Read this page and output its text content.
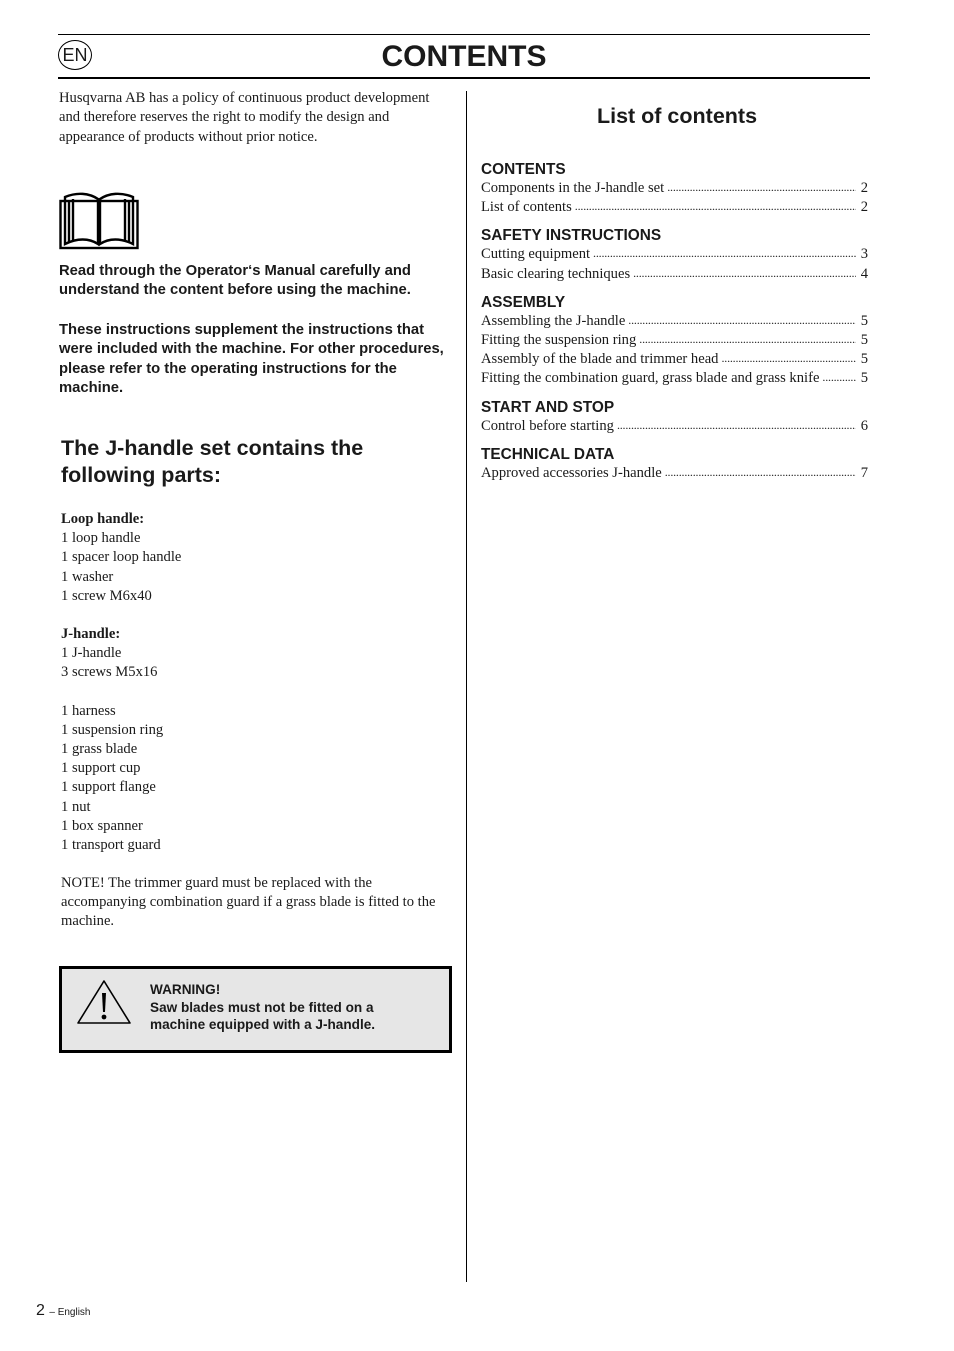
EN	CONTENTS

Husqvarna AB has a policy of continuous product development and therefore reserves the right to modify the design and appearance of products without prior notice.

Read through the Operator‘s Manual carefully and understand the content before using the machine.

These instructions supplement the instructions that were included with the machine. For other procedures, please refer to the operating instructions for the machine.

The J-handle set contains the following parts:
Loop handle:
1 loop handle
1 spacer loop handle
1 washer
1 screw M6x40
J-handle:
1 J-handle
3 screws M5x16
1 harness
1 suspension ring
1 grass blade
1 support cup
1 support flange
1 nut
1 box spanner
1 transport guard

NOTE! The trimmer guard must be replaced with the accompanying combination guard if a grass blade is fitted to the machine.

WARNING!
Saw blades must not be fitted on a
machine equipped with a J-handle.
List of contents
CONTENTS
Components in the J-handle set . . .	2
List of contents . . .	2
SAFETY INSTRUCTIONS
Cutting equipment . . .	3
Basic clearing techniques . . .	4
ASSEMBLY
Assembling the J-handle . . .	5
Fitting the suspension ring . . .	5
Assembly of the blade and trimmer head . . .	5
Fitting the combination guard, grass blade and grass knife . . .	5
START AND STOP
Control before starting . . .	6
TECHNICAL DATA
Approved accessories J-handle . . .	7
2 – English
